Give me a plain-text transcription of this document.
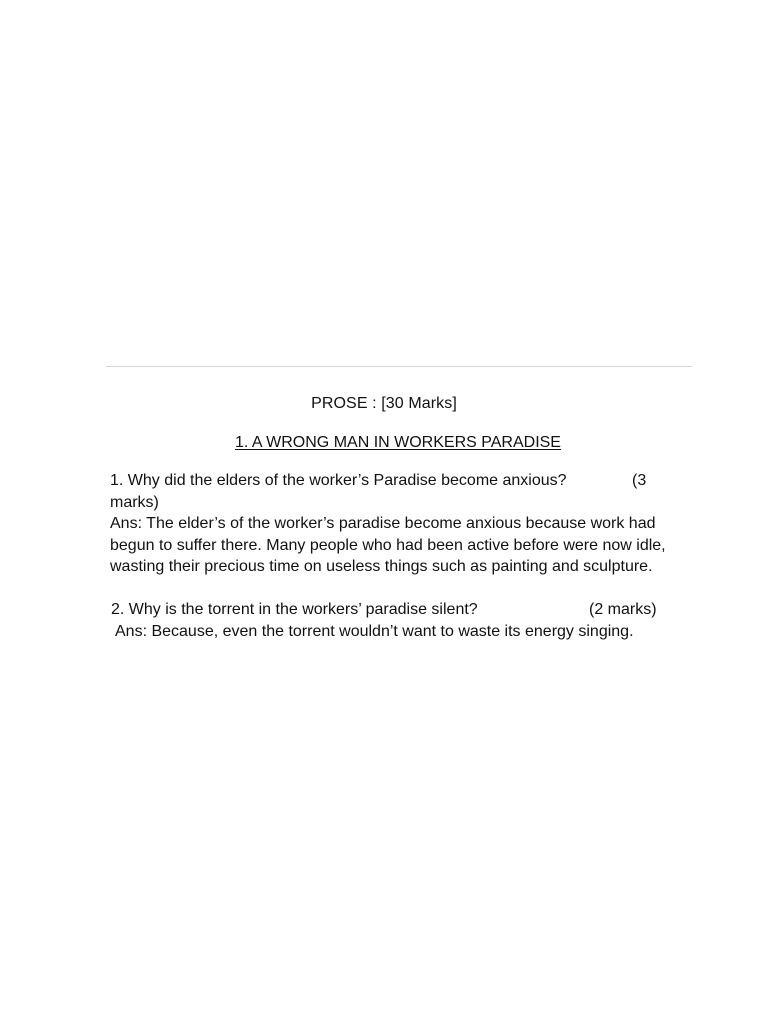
PROSE : [30 Marks]
1. A WRONG MAN IN WORKERS PARADISE
1. Why did the elders of the worker’s Paradise become anxious?	(3
marks)
Ans: The elder’s of the worker’s paradise become anxious because work had
begun to suffer there. Many people who had been active before were now idle,
wasting their precious time on useless things such as painting and sculpture.
2. Why is the torrent in the workers’ paradise silent?	(2 marks)
Ans: Because, even the torrent wouldn’t want to waste its energy singing.
